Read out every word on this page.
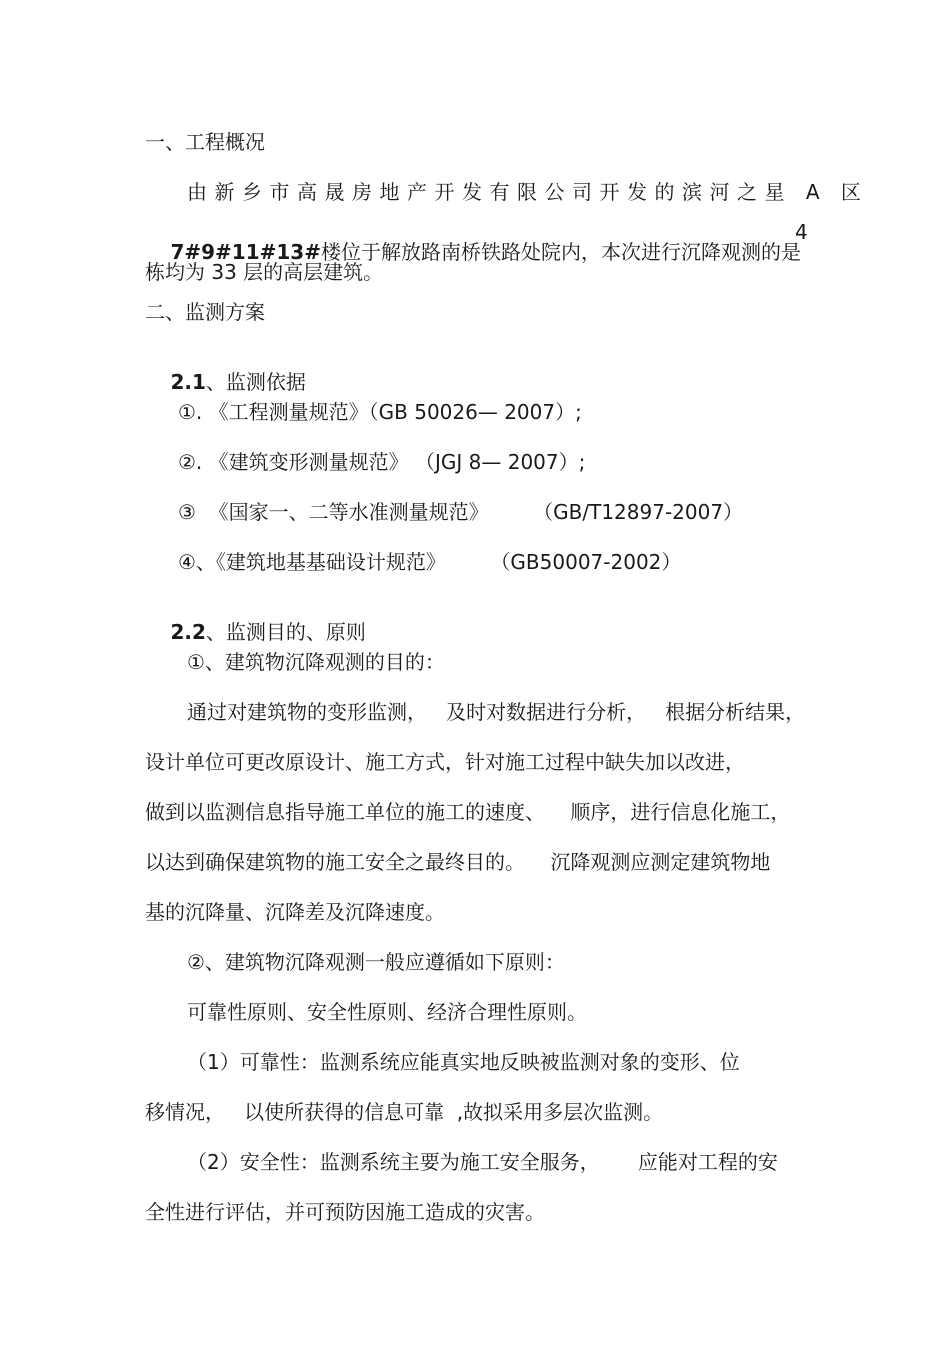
一、工程概况
由新乡市高晟房地产开发有限公司开发的滨河之星 A 区

7#9#11#13#楼位于解放路南桥铁路处院内，本次进行沉降观测的是

4
栋均为 33 层的高层建筑。
二、监测方案

2.1、监测依据

①. 《工程测量规范》（GB 50026— 2007）;
②. 《建筑变形测量规范》 （JGJ 8— 2007）;
③  《国家一、二等水准测量规范》       （GB/T12897-2007）
④、《建筑地基基础设计规范》       （GB50007-2002）

2.2、监测目的、原则

①、建筑物沉降观测的目的：
通过对建筑物的变形监测，   及时对数据进行分析，   根据分析结果，
设计单位可更改原设计、施工方式，针对施工过程中缺失加以改进，
做到以监测信息指导施工单位的施工的速度、    顺序，进行信息化施工，
以达到确保建筑物的施工安全之最终目的。    沉降观测应测定建筑物地
基的沉降量、沉降差及沉降速度。
②、建筑物沉降观测一般应遵循如下原则：
可靠性原则、安全性原则、经济合理性原则。
（1）可靠性：监测系统应能真实地反映被监测对象的变形、位
移情况，   以使所获得的信息可靠  ,故拟采用多层次监测。
（2）安全性：监测系统主要为施工安全服务，      应能对工程的安
全性进行评估，并可预防因施工造成的灾害。
